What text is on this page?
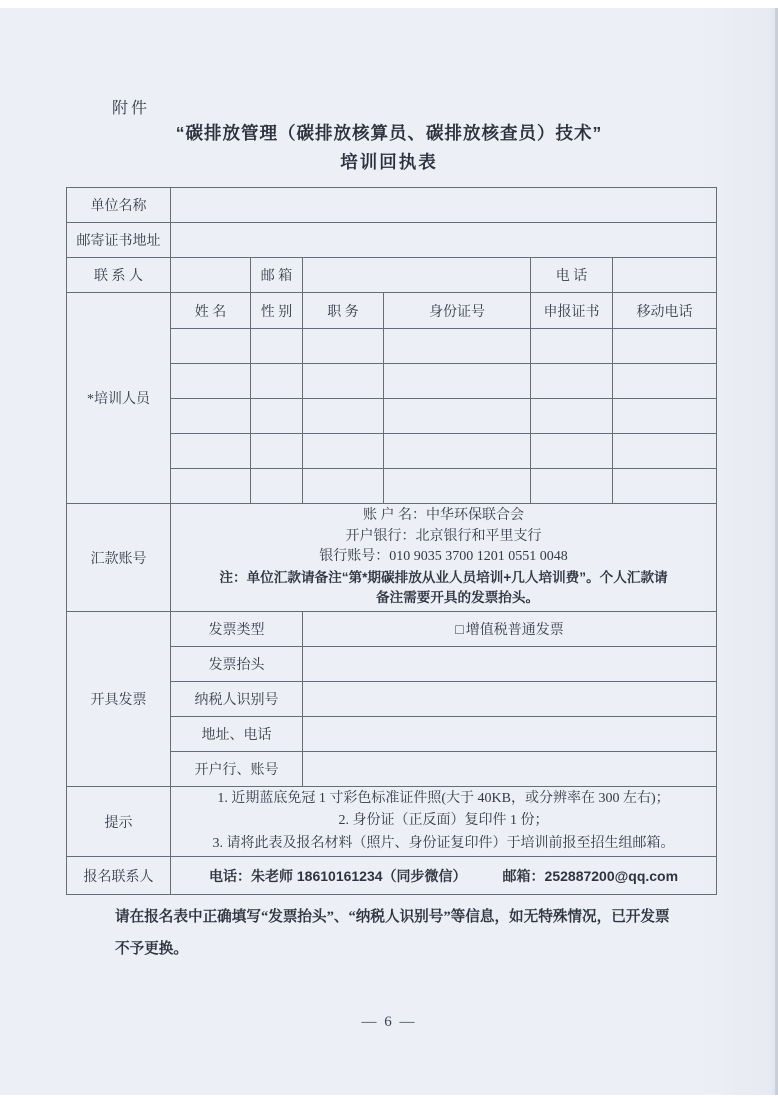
附件
“碳排放管理（碳排放核算员、碳排放核查员）技术”
培训回执表
单位名称						
邮寄证书地址						
联 系 人		邮 箱			电 话	
*培训人员	姓 名	性 别	职 务	身份证号	申报证书	移动电话

汇款账号	账 户 名：中华环保联合会
开户银行：北京银行和平里支行
银行账号：010 9035 3700 1201 0551 0048
注：单位汇款请备注“第*期碳排放从业人员培训+几人培训费”。个人汇款请
备注需要开具的发票抬头。					

开具发票	发票类型		□ 增值税普通发票			
	发票抬头					
	纳税人识别号					
	地址、电话					
	开户行、账号					
提示	1. 近期蓝底免冠 1 寸彩色标准证件照(大于 40KB，或分辨率在 300 左右)；
2. 身份证（正反面）复印件 1 份；
3. 请将此表及报名材料（照片、身份证复印件）于培训前报至招生组邮箱。					

报名联系人	电话：朱老师 18610161234（同步微信） 邮箱：252887200@qq.com					
请在报名表中正确填写“发票抬头”、“纳税人识别号”等信息，如无特殊情况，已开发票
不予更换。
— 6 —
